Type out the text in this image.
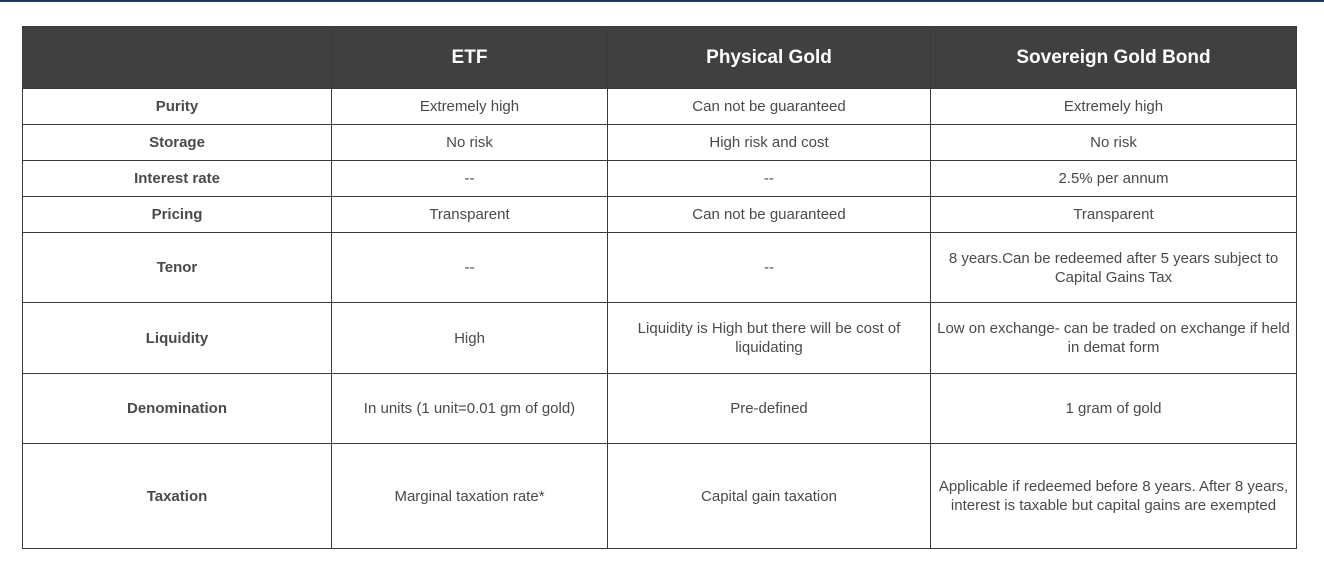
	ETF	Physical Gold	Sovereign Gold Bond
Purity	Extremely high	Can not be guaranteed	Extremely high
Storage	No risk	High risk and cost	No risk
Interest rate	--	--	2.5% per annum
Pricing	Transparent	Can not be guaranteed	Transparent
Tenor	--	--	8 years.Can be redeemed after 5 years subject to Capital Gains Tax
Liquidity	High	Liquidity is High but there will be cost of liquidating	Low on exchange- can be traded on exchange if held in demat form
Denomination	In units (1 unit=0.01 gm of gold)	Pre-defined	1 gram of gold
Taxation	Marginal taxation rate*	Capital gain taxation	Applicable if redeemed before 8 years. After 8 years, interest is taxable but capital gains are exempted
